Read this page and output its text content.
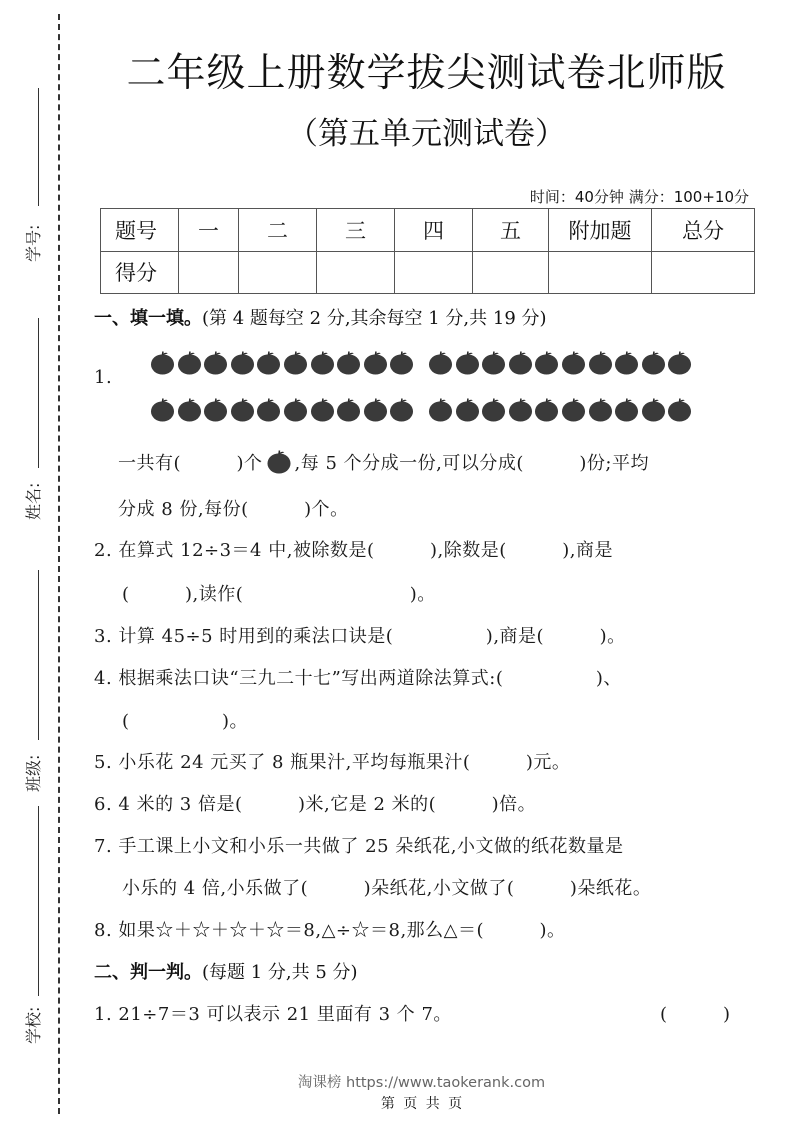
学号:
姓名:
班级:
学校:
二年级上册数学拔尖测试卷北师版
（第五单元测试卷）
时间：40分钟 满分：100+10分
题号	一	二	三	四	五	附加题	总分
得分							
一、填一填。(第 4 题每空 2 分,其余每空 1 分,共 19 分)
1.
一共有(　　　)个 ,每 5 个分成一份,可以分成(　　　)份;平均
分成 8 份,每份(　　　)个。
2. 在算式 12÷3＝4 中,被除数是(　　　),除数是(　　　),商是
(　　　),读作(　　　　　　　　　)。
3. 计算 45÷5 时用到的乘法口诀是(　　　　　),商是(　　　)。
4. 根据乘法口诀“三九二十七”写出两道除法算式:(　　　　　)、
(　　　　　)。
5. 小乐花 24 元买了 8 瓶果汁,平均每瓶果汁(　　　)元。
6. 4 米的 3 倍是(　　　)米,它是 2 米的(　　　)倍。
7. 手工课上小文和小乐一共做了 25 朵纸花,小文做的纸花数量是
小乐的 4 倍,小乐做了(　　　)朵纸花,小文做了(　　　)朵纸花。
8. 如果☆＋☆＋☆＋☆＝8,△÷☆＝8,那么△＝(　　　)。
二、判一判。(每题 1 分,共 5 分)
1. 21÷7＝3 可以表示 21 里面有 3 个 7。	(　　　)
淘课榜 https://www.taokerank.com
第 页 共 页
